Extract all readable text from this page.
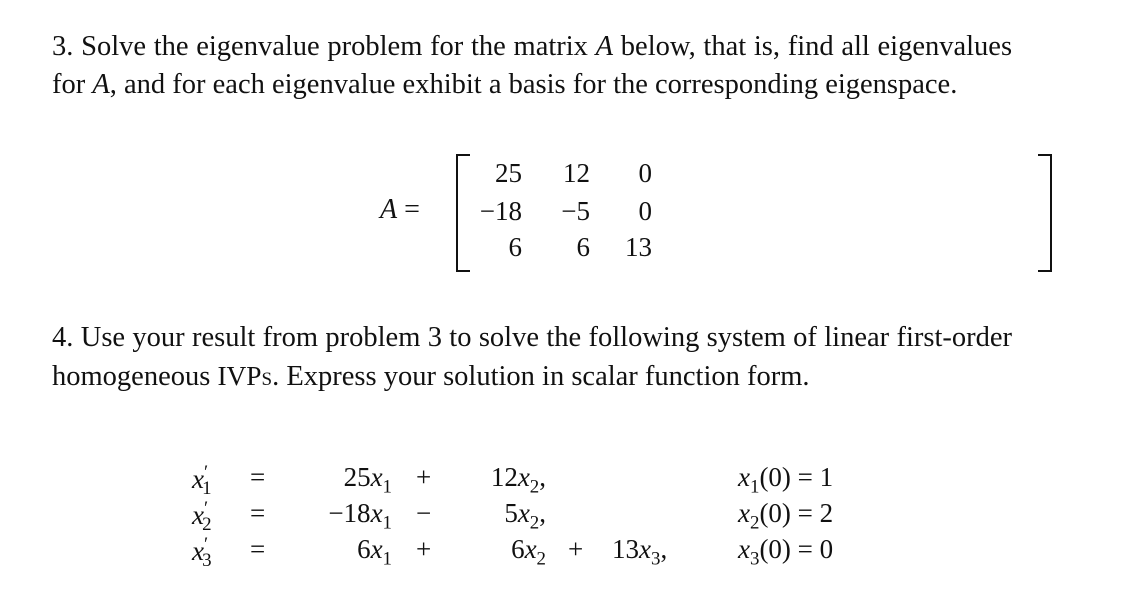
3. Solve the eigenvalue problem for the matrix A below, that is, find all eigenvalues for A, and for each eigenvalue exhibit a basis for the corresponding eigenspace.
A =
25	12	0
−18	−5	0
6	6	13
4. Use your result from problem 3 to solve the following system of linear first-order homogeneous IVPs. Express your solution in scalar function form.
$x'_1$ =	$25x_1$ +	$12x_2$,	$x_1(0) = 1$
$x'_2$ =	$-18x_1$ −	$5x_2$,	$x_2(0) = 2$
$x'_3$ =	$6x_1$ +	$6x_2 + 13x_3$,	$x_3(0) = 0$
